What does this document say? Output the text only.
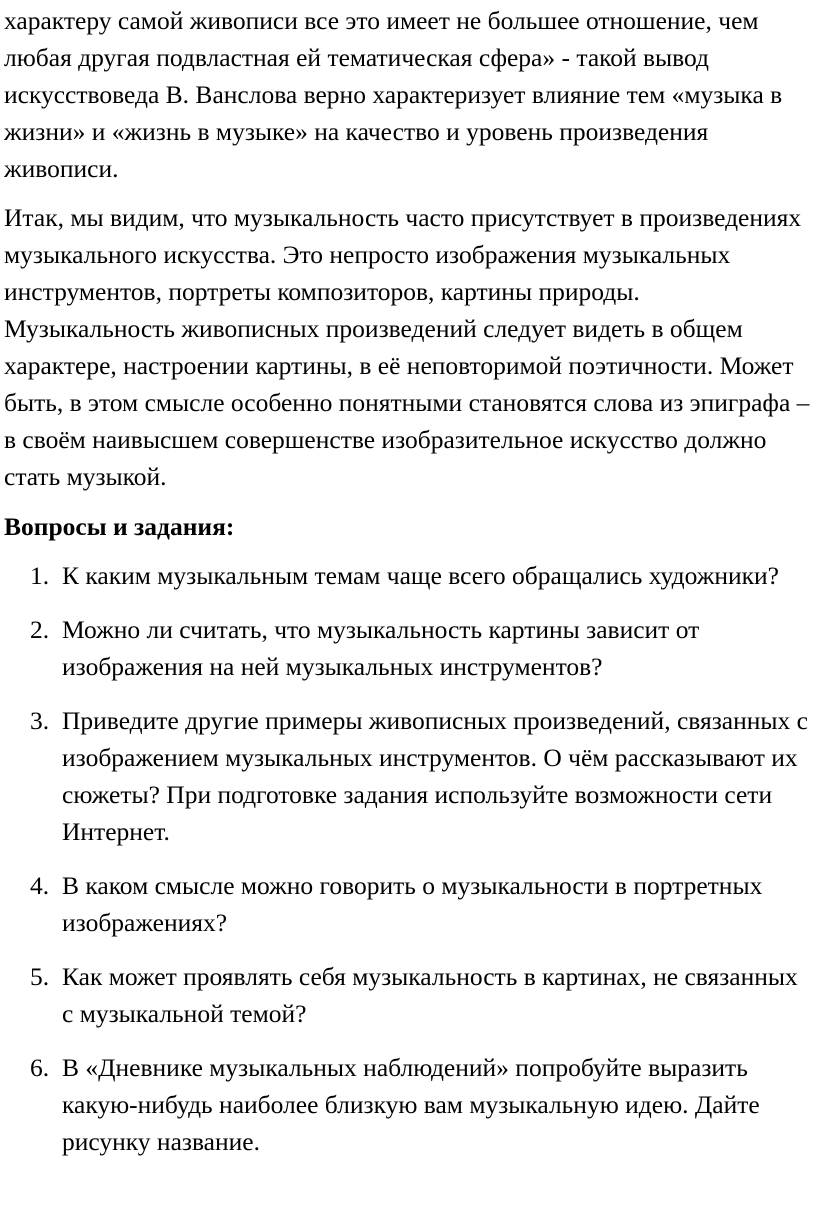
характеру самой живописи все это имеет не большее отношение, чем любая другая подвластная ей тематическая сфера» - такой вывод искусствоведа В. Ванслова верно характеризует влияние тем «музыка в жизни» и «жизнь в музыке» на качество и уровень произведения живописи.

Итак, мы видим, что музыкальность часто присутствует в произведениях музыкального искусства. Это непросто изображения музыкальных инструментов, портреты композиторов, картины природы. Музыкальность живописных произведений следует видеть в общем характере, настроении картины, в её неповторимой поэтичности. Может быть, в этом смысле особенно понятными становятся слова из эпиграфа – в своём наивысшем совершенстве изобразительное искусство должно стать музыкой.

Вопросы и задания:

1. К каким музыкальным темам чаще всего обращались художники?
2. Можно ли считать, что музыкальность картины зависит от изображения на ней музыкальных инструментов?
3. Приведите другие примеры живописных произведений, связанных с изображением музыкальных инструментов. О чём рассказывают их сюжеты? При подготовке задания используйте возможности сети Интернет.
4. В каком смысле можно говорить о музыкальности в портретных изображениях?
5. Как может проявлять себя музыкальность в картинах, не связанных с музыкальной темой?
6. В «Дневнике музыкальных наблюдений» попробуйте выразить какую-нибудь наиболее близкую вам музыкальную идею. Дайте рисунку название.
